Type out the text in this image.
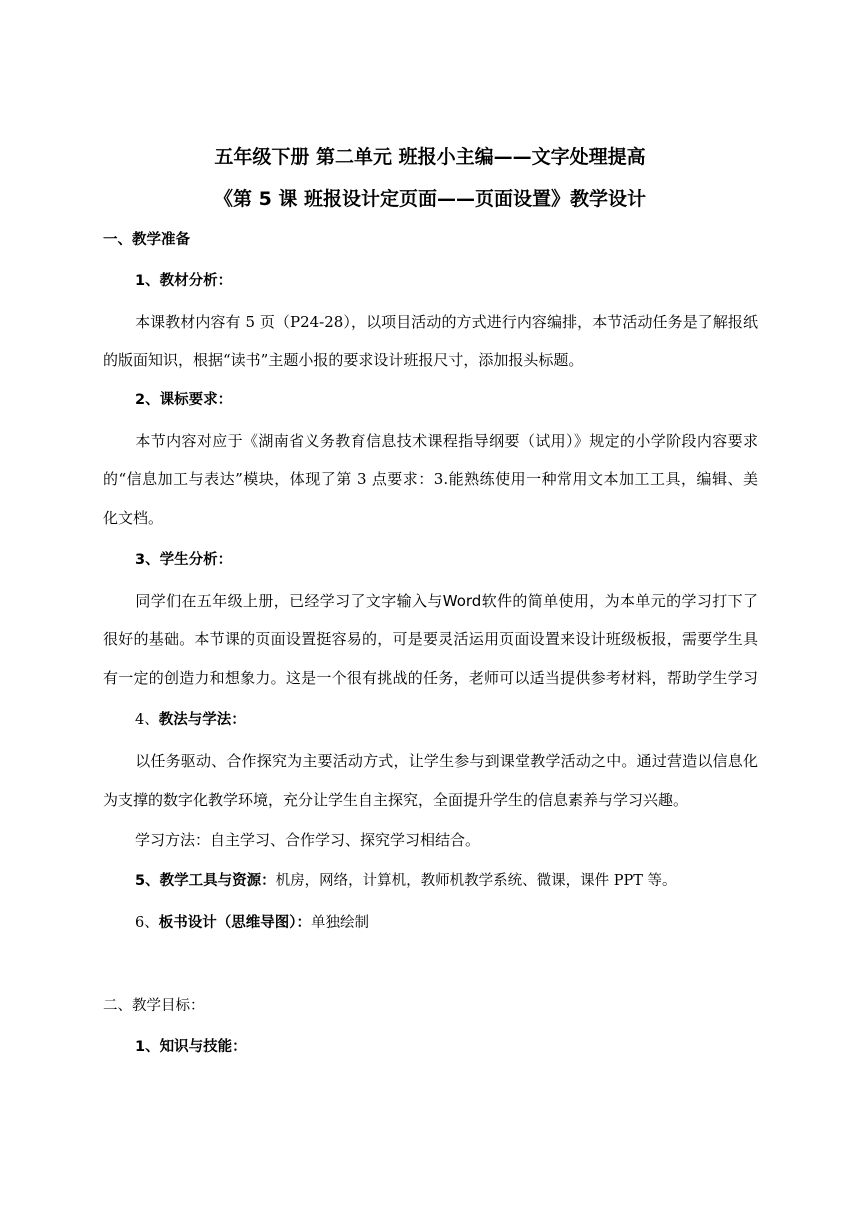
五年级下册 第二单元 班报小主编——文字处理提高
《第 5 课 班报设计定页面——页面设置》教学设计
一、教学准备
1、教材分析：
本课教材内容有 5 页（P24-28），以项目活动的方式进行内容编排，本节活动任务是了解报纸
的版面知识，根据“读书”主题小报的要求设计班报尺寸，添加报头标题。
2、课标要求：
本节内容对应于《湖南省义务教育信息技术课程指导纲要（试用）》规定的小学阶段内容要求
的“信息加工与表达”模块，体现了第 3 点要求：3.能熟练使用一种常用文本加工工具，编辑、美
化文档。
3、学生分析：
同学们在五年级上册，已经学习了文字输入与Word软件的简单使用，为本单元的学习打下了
很好的基础。本节课的页面设置挺容易的，可是要灵活运用页面设置来设计班级板报，需要学生具
有一定的创造力和想象力。这是一个很有挑战的任务，老师可以适当提供参考材料，帮助学生学习
4、教法与学法：
以任务驱动、合作探究为主要活动方式，让学生参与到课堂教学活动之中。通过营造以信息化
为支撑的数字化教学环境，充分让学生自主探究，全面提升学生的信息素养与学习兴趣。
学习方法：自主学习、合作学习、探究学习相结合。
5、教学工具与资源：机房，网络，计算机，教师机教学系统、微课，课件 PPT 等。
6、板书设计（思维导图）：单独绘制
二、教学目标：
1、知识与技能：
